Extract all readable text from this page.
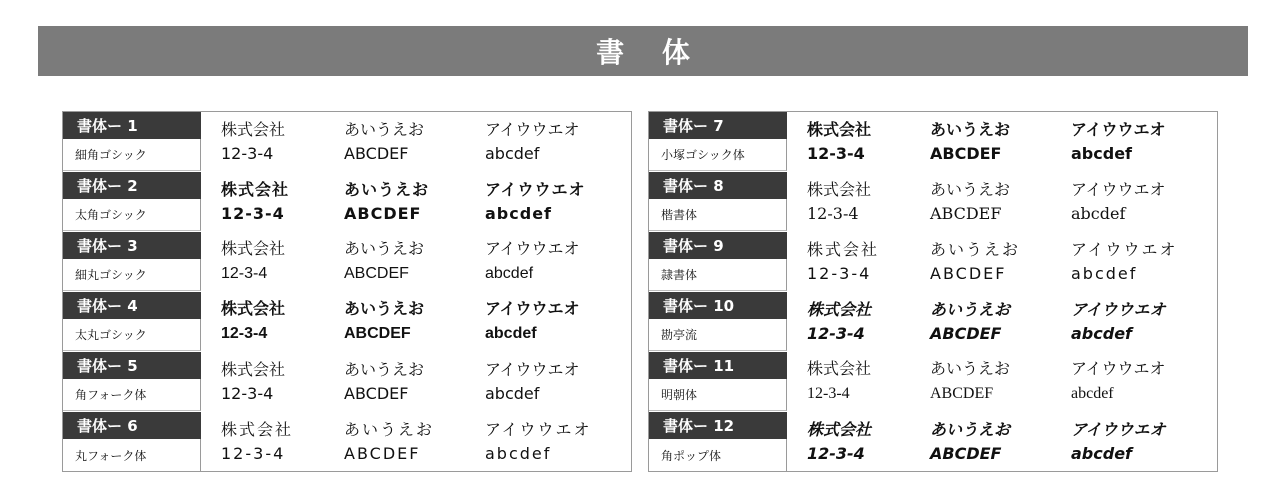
書 体
書体ー 1
細角ゴシック
株式会社
12-3-4
あいうえお
ABCDEF
アイウウエオ
abcdef
書体ー 2
太角ゴシック
株式会社
12-3-4
あいうえお
ABCDEF
アイウウエオ
abcdef
書体ー 3
細丸ゴシック
株式会社
12-3-4
あいうえお
ABCDEF
アイウウエオ
abcdef
書体ー 4
太丸ゴシック
株式会社
12-3-4
あいうえお
ABCDEF
アイウウエオ
abcdef
書体ー 5
角フォーク体
株式会社
12-3-4
あいうえお
ABCDEF
アイウウエオ
abcdef
書体ー 6
丸フォーク体
株式会社
12-3-4
あいうえお
ABCDEF
アイウウエオ
abcdef
書体ー 7
小塚ゴシック体
株式会社
12-3-4
あいうえお
ABCDEF
アイウウエオ
abcdef
書体ー 8
楷書体
株式会社
12-3-4
あいうえお
ABCDEF
アイウウエオ
abcdef
書体ー 9
隷書体
株式会社
12-3-4
あいうえお
ABCDEF
アイウウエオ
abcdef
書体ー 10
勘亭流
株式会社
12-3-4
あいうえお
ABCDEF
アイウウエオ
abcdef
書体ー 11
明朝体
株式会社
12-3-4
あいうえお
ABCDEF
アイウウエオ
abcdef
書体ー 12
角ポップ体
株式会社
12-3-4
あいうえお
ABCDEF
アイウウエオ
abcdef
